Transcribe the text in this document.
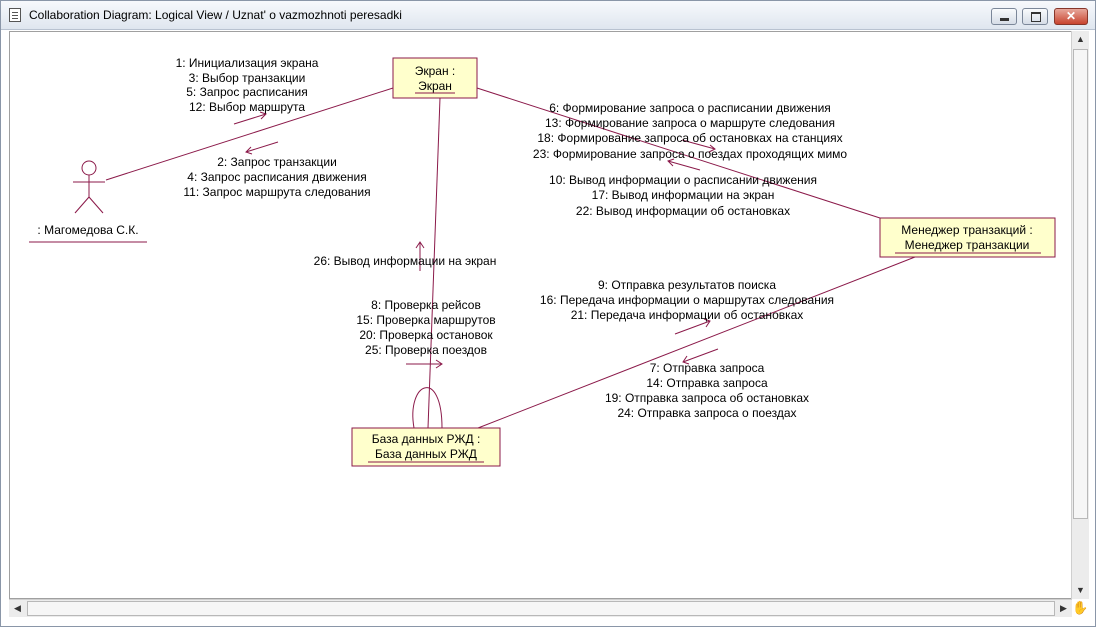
Collaboration Diagram: Logical View / Uznat' o vazmozhnoti peresadki
✕
: Магомедова С.К.
Экран :
Экран
Менеджер транзакций :
Менеджер транзакции
База данных РЖД :
База данных РЖД
1: Инициализация экрана
3: Выбор транзакции
5: Запрос расписания
12: Выбор маршрута
2: Запрос транзакции
4: Запрос расписания движения
11: Запрос маршрута следования
6: Формирование запроса о расписании движения
13: Формирование запроса о маршруте следования
18: Формирование запроса об остановках на станциях
23: Формирование запроса о поездах проходящих мимо
10: Вывод информации о расписании движения
17: Вывод информации на экран
22: Вывод информации об остановках
26: Вывод информации на экран
8: Проверка рейсов
15: Проверка маршрутов
20: Проверка остановок
25: Проверка поездов
9: Отправка результатов поиска
16: Передача информации о маршрутах следования
21: Передача информации об остановках
7: Отправка запроса
14: Отправка запроса
19: Отправка запроса об остановках
24: Отправка запроса о поездах
▲
▼
◀	▶ ✋
